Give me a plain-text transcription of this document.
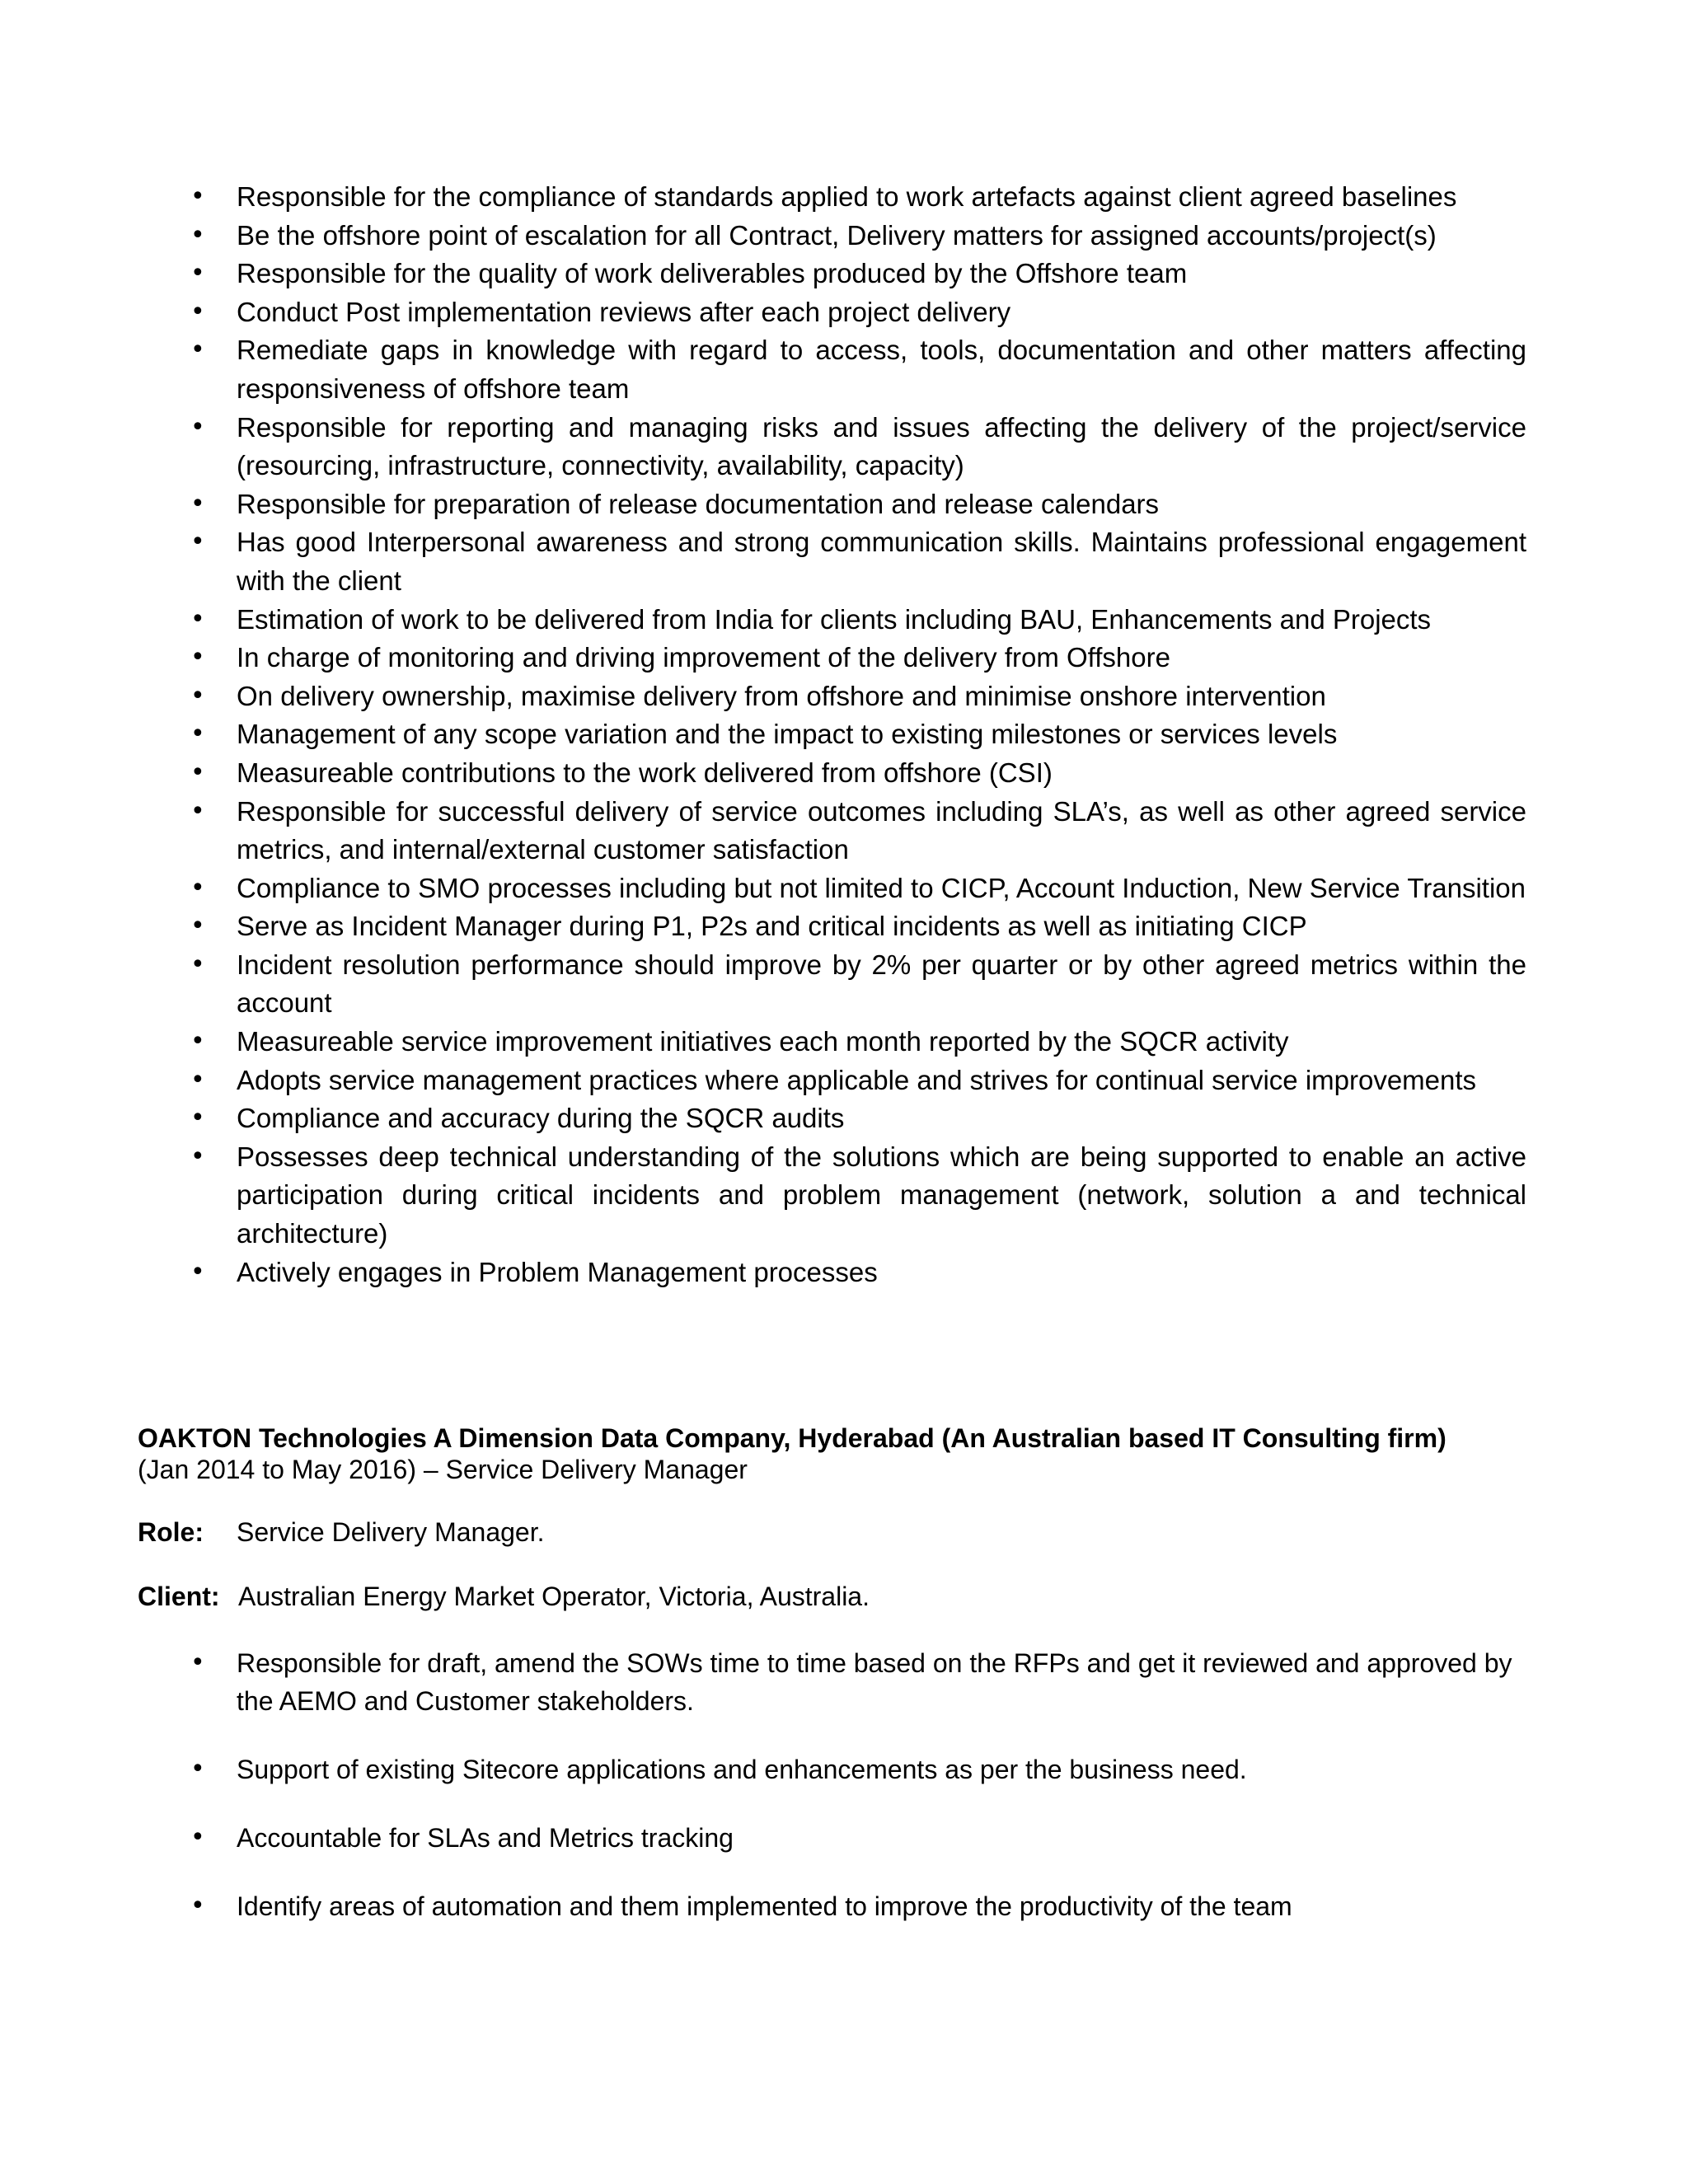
• Responsible for the compliance of standards applied to work artefacts against client agreed baselines
• Be the offshore point of escalation for all Contract, Delivery matters for assigned accounts/project(s)
• Responsible for the quality of work deliverables produced by the Offshore team
• Conduct Post implementation reviews after each project delivery
• Remediate gaps in knowledge with regard to access, tools, documentation and other matters affecting responsiveness of offshore team
• Responsible for reporting and managing risks and issues affecting the delivery of the project/service (resourcing, infrastructure, connectivity, availability, capacity)
• Responsible for preparation of release documentation and release calendars
• Has good Interpersonal awareness and strong communication skills. Maintains professional engagement with the client
• Estimation of work to be delivered from India for clients including BAU, Enhancements and Projects
• In charge of monitoring and driving improvement of the delivery from Offshore
• On delivery ownership, maximise delivery from offshore and minimise onshore intervention
• Management of any scope variation and the impact to existing milestones or services levels
• Measureable contributions to the work delivered from offshore (CSI)
• Responsible for successful delivery of service outcomes including SLA’s, as well as other agreed service metrics, and internal/external customer satisfaction
• Compliance to SMO processes including but not limited to CICP, Account Induction, New Service Transition
• Serve as Incident Manager during P1, P2s and critical incidents as well as initiating CICP
• Incident resolution performance should improve by 2% per quarter or by other agreed metrics within the account
• Measureable service improvement initiatives each month reported by the SQCR activity
• Adopts service management practices where applicable and strives for continual service improvements
• Compliance and accuracy during the SQCR audits
• Possesses deep technical understanding of the solutions which are being supported to enable an active participation during critical incidents and problem management (network, solution a and technical architecture)
• Actively engages in Problem Management processes
OAKTON Technologies A Dimension Data Company, Hyderabad (An Australian based IT Consulting firm)
(Jan 2014 to May 2016) – Service Delivery Manager
Role: Service Delivery Manager.
Client: Australian Energy Market Operator, Victoria, Australia.
• Responsible for draft, amend the SOWs time to time based on the RFPs and get it reviewed and approved by the AEMO and Customer stakeholders.
• Support of existing Sitecore applications and enhancements as per the business need.
• Accountable for SLAs and Metrics tracking
• Identify areas of automation and them implemented to improve the productivity of the team
